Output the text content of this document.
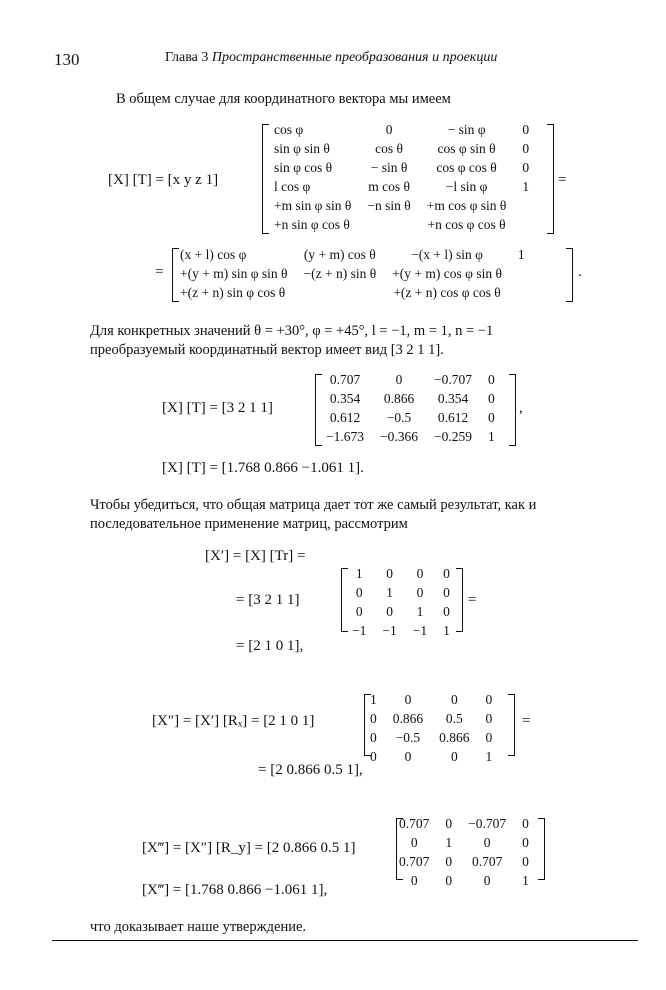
130	Глава 3 Пространственные преобразования и проекции
В общем случае для координатного вектора мы имеем
[X] [T] = [x y z 1]
cos φ	0	− sin φ	0
sin φ sin θ	cos θ	cos φ sin θ	0
sin φ cos θ	− sin θ	cos φ cos θ	0
l cos φ	m cos θ	−l sin φ	1
+m sin φ sin θ	−n sin θ	+m cos φ sin θ	
+n sin φ cos θ		+n cos φ cos θ	
=
=
(x + l) cos φ	(y + m) cos θ	−(x + l) sin φ	1
+(y + m) sin φ sin θ	−(z + n) sin θ	+(y + m) cos φ sin θ	
+(z + n) sin φ cos θ		+(z + n) cos φ cos θ	
.
Для конкретных значений θ = +30°, φ = +45°, l = −1, m = 1, n = −1
преобразуемый координатный вектор имеет вид [3 2 1 1].
[X] [T] = [3 2 1 1]
0.707	0	−0.707	0
0.354	0.866	0.354	0
0.612	−0.5	0.612	0
−1.673	−0.366	−0.259	1
,
[X] [T] = [1.768 0.866 −1.061 1].
Чтобы убедиться, что общая матрица дает тот же самый результат, как и
последовательное применение матриц, рассмотрим
[X′] = [X] [Tr] =
= [3 2 1 1]
1	0	0	0
0	1	0	0
0	0	1	0
−1	−1	−1	1
=
= [2 1 0 1],
[X″] = [X′] [Rₓ] = [2 1 0 1]
1	0	0	0
0	0.866	0.5	0
0	−0.5	0.866	0
0	0	0	1
=
= [2 0.866 0.5 1],
[X‴] = [X″] [R_y] = [2 0.866 0.5 1]
0.707	0	−0.707	0
0	1	0	0
0.707	0	0.707	0
0	0	0	1
[X‴] = [1.768 0.866 −1.061 1],
что доказывает наше утверждение.
